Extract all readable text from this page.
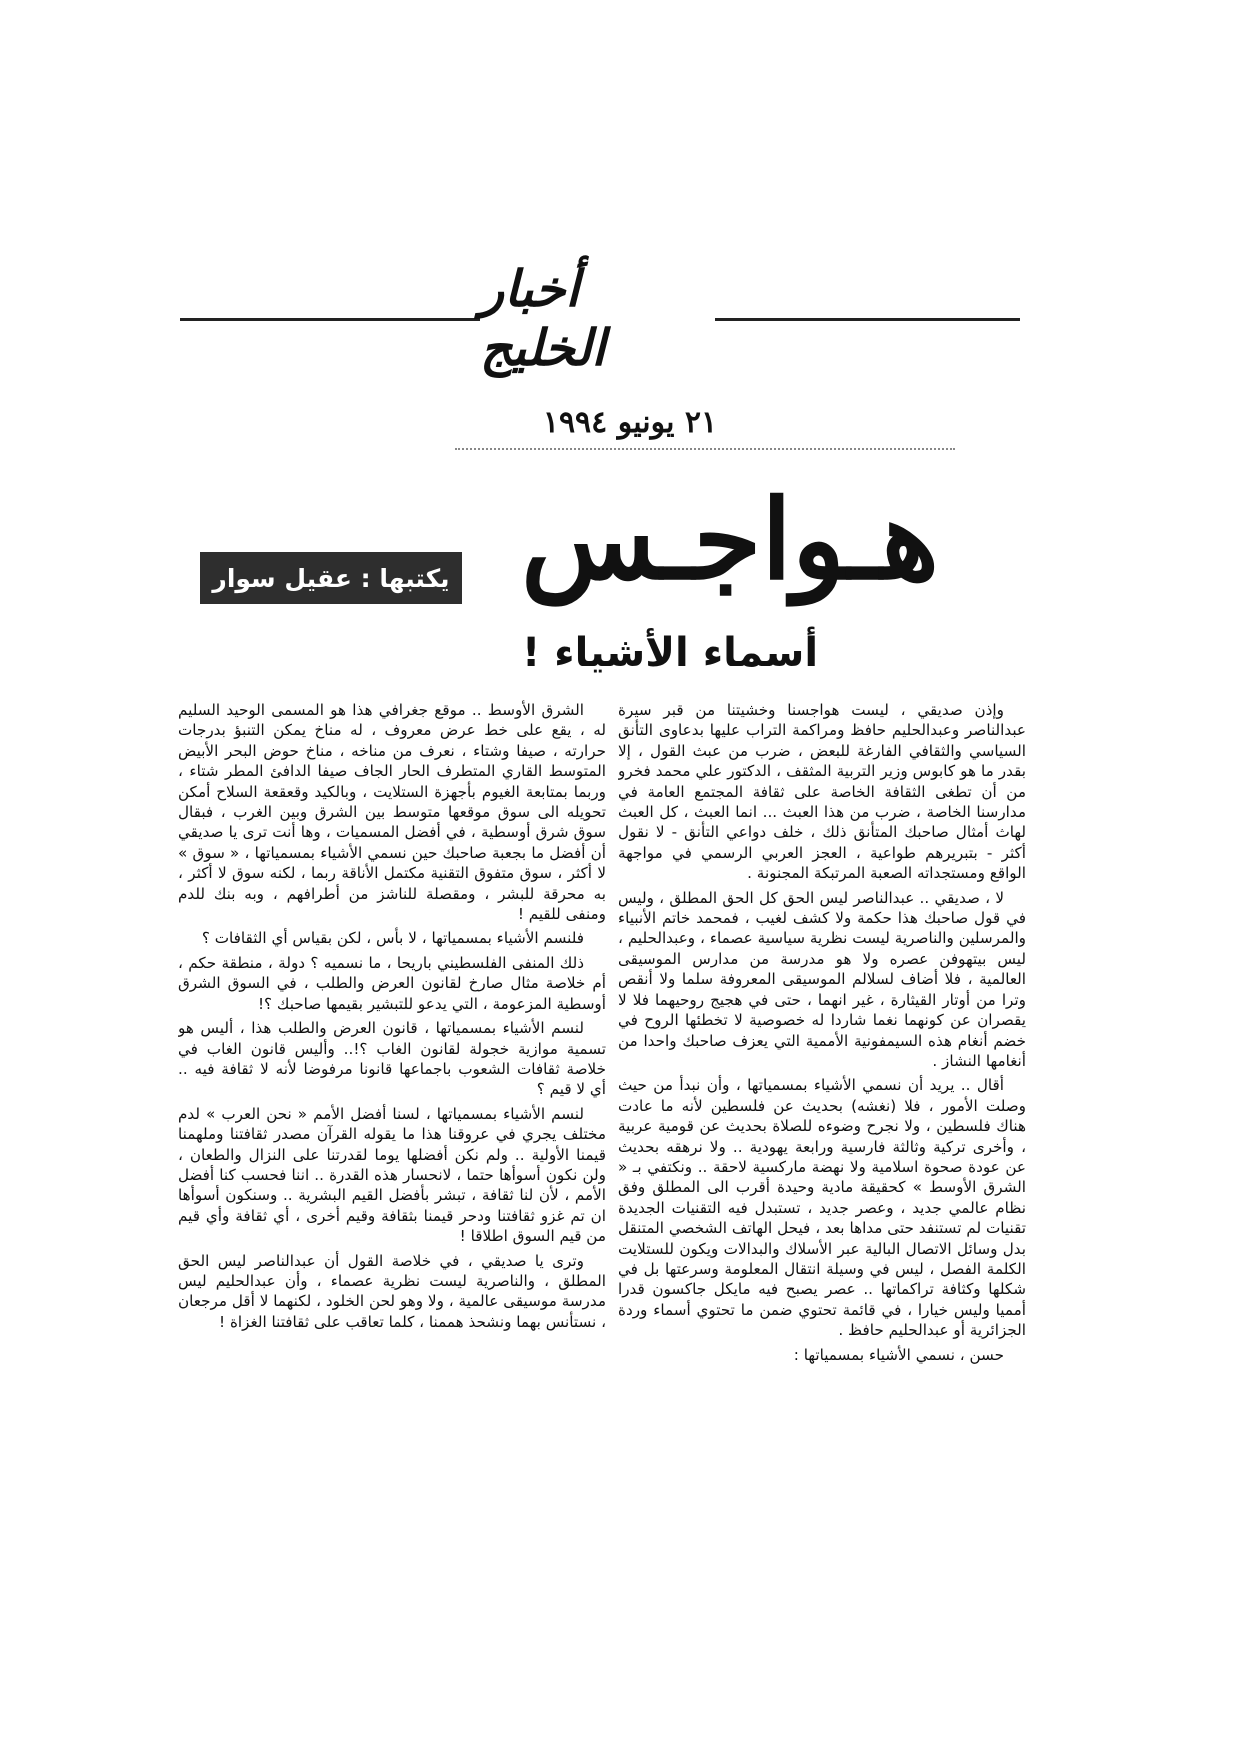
أخبار الخليج
٢١ يونيو ١٩٩٤
هـواجـس
يكتبها : عقيل سوار
أسماء الأشياء !

وإذن صديقي ، ليست هواجسنا وخشيتنا من قبر سيرة عبدالناصر وعبدالحليم حافظ ومراكمة التراب عليها بدعاوى التأنق السياسي والثقافي الفارغة للبعض ، ضرب من عبث القول ، إلا بقدر ما هو كابوس وزير التربية المثقف ، الدكتور علي محمد فخرو من أن تطغى الثقافة الخاصة على ثقافة المجتمع العامة في مدارسنا الخاصة ، ضرب من هذا العبث ... انما العبث ، كل العبث لهاث أمثال صاحبك المتأنق ذلك ، خلف دواعي التأنق - لا نقول أكثر - بتبريرهم طواعية ، العجز العربي الرسمي في مواجهة الواقع ومستجداته الصعبة المرتبكة المجنونة .

لا ، صديقي .. عبدالناصر ليس الحق كل الحق المطلق ، وليس في قول صاحبك هذا حكمة ولا كشف لغيب ، فمحمد خاتم الأنبياء والمرسلين والناصرية ليست نظرية سياسية عصماء ، وعبدالحليم ، ليس بيتهوفن عصره ولا هو مدرسة من مدارس الموسيقى العالمية ، فلا أضاف لسلالم الموسيقى المعروفة سلما ولا أنقص وترا من أوتار القيثارة ، غير انهما ، حتى في هجيج روحيهما فلا لا يقصران عن كونهما نغما شاردا له خصوصية لا تخطئها الروح في خضم أنغام هذه السيمفونية الأممية التي يعزف صاحبك واحدا من أنغامها النشاز .

أقال .. يريد أن نسمي الأشياء بمسمياتها ، وأن نبدأ من حيث وصلت الأمور ، فلا (نغشه) بحديث عن فلسطين لأنه ما عادت هناك فلسطين ، ولا نجرح وضوءه للصلاة بحديث عن قومية عربية ، وأخرى تركية وثالثة فارسية ورابعة يهودية .. ولا نرهقه بحديث عن عودة صحوة اسلامية ولا نهضة ماركسية لاحقة .. ونكتفي بـ « الشرق الأوسط » كحقيقة مادية وحيدة أقرب الى المطلق وفق نظام عالمي جديد ، وعصر جديد ، تستبدل فيه التقنيات الجديدة تقنيات لم تستنفد حتى مداها بعد ، فيحل الهاتف الشخصي المتنقل بدل وسائل الاتصال البالية عبر الأسلاك والبدالات ويكون للستلايت الكلمة الفصل ، ليس في وسيلة انتقال المعلومة وسرعتها بل في شكلها وكثافة تراكماتها .. عصر يصبح فيه مايكل جاكسون قدرا أمميا وليس خيارا ، في قائمة تحتوي ضمن ما تحتوي أسماء وردة الجزائرية أو عبدالحليم حافظ .

حسن ، نسمي الأشياء بمسمياتها :

الشرق الأوسط .. موقع جغرافي هذا هو المسمى الوحيد السليم له ، يقع على خط عرض معروف ، له مناخ يمكن التنبؤ بدرجات حرارته ، صيفا وشتاء ، نعرف من مناخه ، مناخ حوض البحر الأبيض المتوسط القاري المتطرف الحار الجاف صيفا الدافئ المطر شتاء ، وربما بمتابعة الغيوم بأجهزة الستلايت ، وبالكيد وقعقعة السلاح أمكن تحويله الى سوق موقعها متوسط بين الشرق وبين الغرب ، فبقال سوق شرق أوسطية ، في أفضل المسميات ، وها أنت ترى يا صديقي أن أفضل ما بجعبة صاحبك حين نسمي الأشياء بمسمياتها ، « سوق » لا أكثر ، سوق متفوق التقنية مكتمل الأناقة ربما ، لكنه سوق لا أكثر ، به محرقة للبشر ، ومقصلة للناشز من أطرافهم ، وبه بنك للدم ومنفى للقيم !

فلنسم الأشياء بمسمياتها ، لا بأس ، لكن بقياس أي الثقافات ؟

ذلك المنفى الفلسطيني باريحا ، ما نسميه ؟ دولة ، منطقة حكم ، أم خلاصة مثال صارخ لقانون العرض والطلب ، في السوق الشرق أوسطية المزعومة ، التي يدعو للتبشير بقيمها صاحبك ؟!

لنسم الأشياء بمسمياتها ، قانون العرض والطلب هذا ، أليس هو تسمية موازية خجولة لقانون الغاب ؟!.. وأليس قانون الغاب في خلاصة ثقافات الشعوب باجماعها قانونا مرفوضا لأنه لا ثقافة فيه .. أي لا قيم ؟

لنسم الأشياء بمسمياتها ، لسنا أفضل الأمم « نحن العرب » لدم مختلف يجري في عروقنا هذا ما يقوله القرآن مصدر ثقافتنا وملهمنا قيمنا الأولية .. ولم نكن أفضلها يوما لقدرتنا على النزال والطعان ، ولن نكون أسوأها حتما ، لانحسار هذه القدرة .. اننا فحسب كنا أفضل الأمم ، لأن لنا ثقافة ، تبشر بأفضل القيم البشرية .. وسنكون أسوأها ان تم غزو ثقافتنا ودحر قيمنا بثقافة وقيم أخرى ، أي ثقافة وأي قيم من قيم السوق اطلاقا !

وترى يا صديقي ، في خلاصة القول أن عبدالناصر ليس الحق المطلق ، والناصرية ليست نظرية عصماء ، وأن عبدالحليم ليس مدرسة موسيقى عالمية ، ولا وهو لحن الخلود ، لكنهما لا أقل مرجعان ، نستأنس بهما ونشحذ هممنا ، كلما تعاقب على ثقافتنا الغزاة !
